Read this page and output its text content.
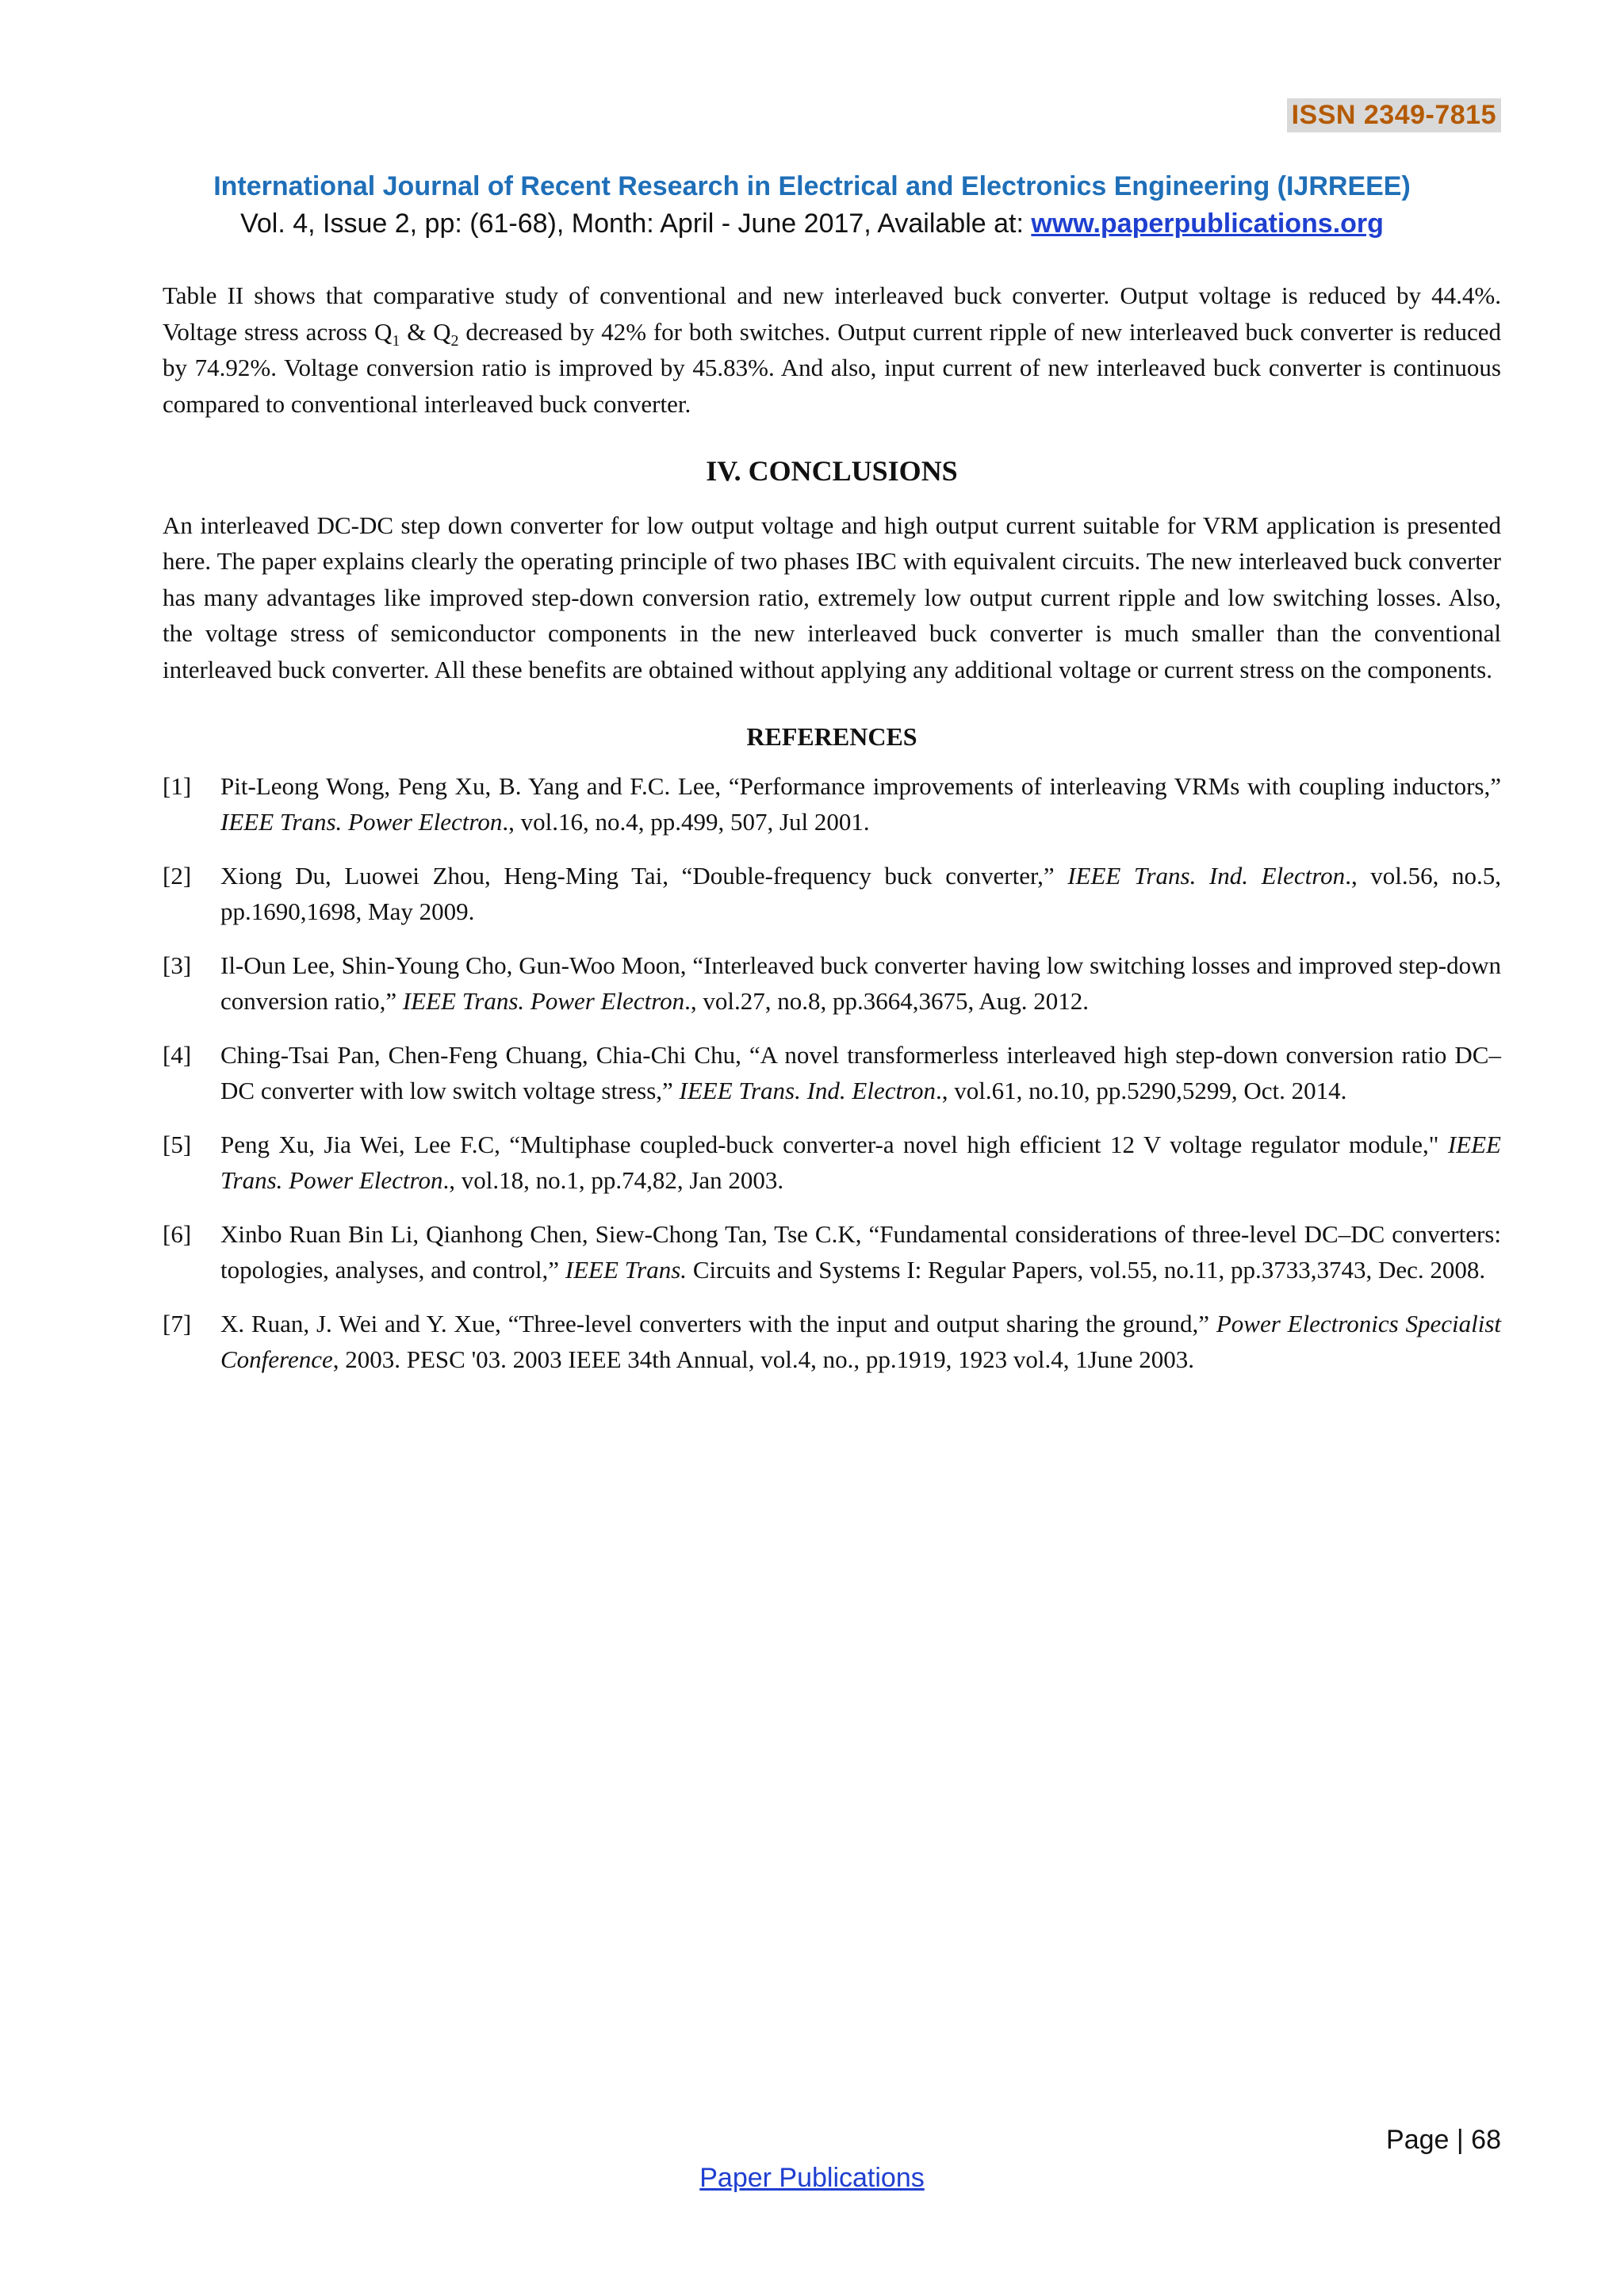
ISSN 2349-7815
International Journal of Recent Research in Electrical and Electronics Engineering (IJRREEE)
Vol. 4, Issue 2, pp: (61-68), Month: April - June 2017, Available at: www.paperpublications.org

Table II shows that comparative study of conventional and new interleaved buck converter. Output voltage is reduced by 44.4%. Voltage stress across $Q_1$ & $Q_2$ decreased by 42% for both switches. Output current ripple of new interleaved buck converter is reduced by 74.92%. Voltage conversion ratio is improved by 45.83%. And also, input current of new interleaved buck converter is continuous compared to conventional interleaved buck converter.

IV. CONCLUSIONS

An interleaved DC-DC step down converter for low output voltage and high output current suitable for VRM application is presented here. The paper explains clearly the operating principle of two phases IBC with equivalent circuits. The new interleaved buck converter has many advantages like improved step-down conversion ratio, extremely low output current ripple and low switching losses. Also, the voltage stress of semiconductor components in the new interleaved buck converter is much smaller than the conventional interleaved buck converter. All these benefits are obtained without applying any additional voltage or current stress on the components.

REFERENCES
[1]	Pit-Leong Wong, Peng Xu, B. Yang and F.C. Lee, “Performance improvements of interleaving VRMs with coupling inductors,” IEEE Trans. Power Electron., vol.16, no.4, pp.499, 507, Jul 2001.
[2]	Xiong Du, Luowei Zhou, Heng-Ming Tai, “Double-frequency buck converter,” IEEE Trans. Ind. Electron., vol.56, no.5, pp.1690,1698, May 2009.
[3]	Il-Oun Lee, Shin-Young Cho, Gun-Woo Moon, “Interleaved buck converter having low switching losses and improved step-down conversion ratio,” IEEE Trans. Power Electron., vol.27, no.8, pp.3664,3675, Aug. 2012.
[4]	Ching-Tsai Pan, Chen-Feng Chuang, Chia-Chi Chu, “A novel transformerless interleaved high step-down conversion ratio DC–DC converter with low switch voltage stress,” IEEE Trans. Ind. Electron., vol.61, no.10, pp.5290,5299, Oct. 2014.
[5]	Peng Xu, Jia Wei, Lee F.C, “Multiphase coupled-buck converter-a novel high efficient 12 V voltage regulator module," IEEE Trans. Power Electron., vol.18, no.1, pp.74,82, Jan 2003.
[6]	Xinbo Ruan Bin Li, Qianhong Chen, Siew-Chong Tan, Tse C.K, “Fundamental considerations of three-level DC–DC converters: topologies, analyses, and control,” IEEE Trans. Circuits and Systems I: Regular Papers, vol.55, no.11, pp.3733,3743, Dec. 2008.
[7]	X. Ruan, J. Wei and Y. Xue, “Three-level converters with the input and output sharing the ground,” Power Electronics Specialist Conference, 2003. PESC '03. 2003 IEEE 34th Annual, vol.4, no., pp.1919, 1923 vol.4, 1June 2003.
Page | 68
Paper Publications
